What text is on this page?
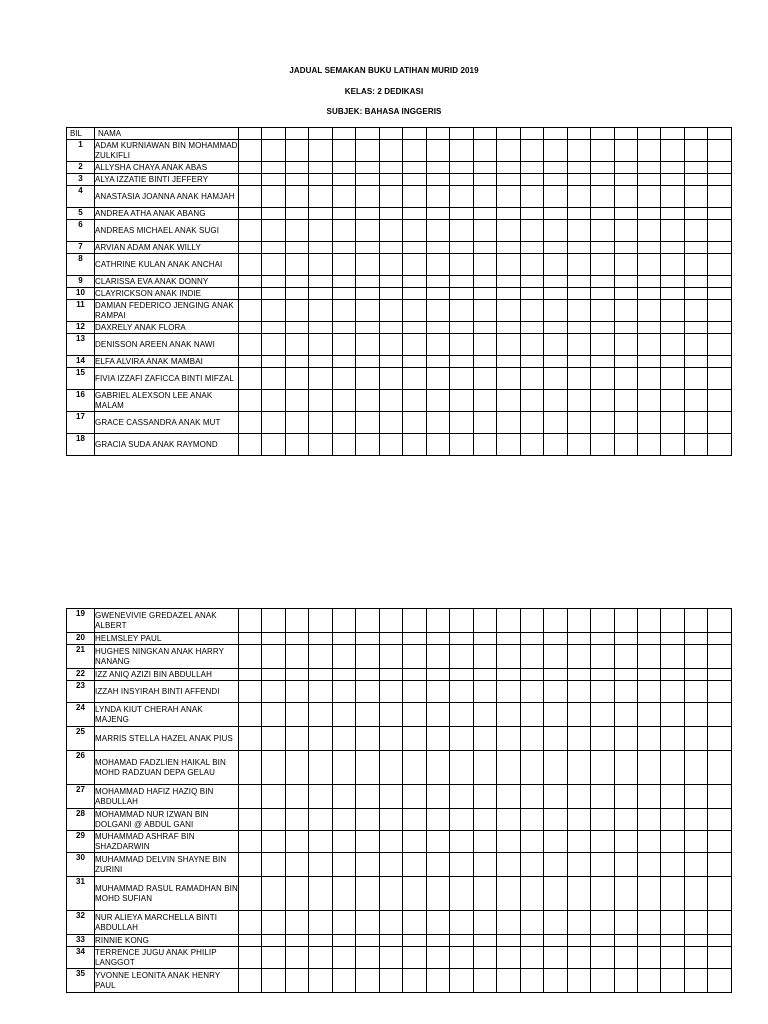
JADUAL SEMAKAN BUKU LATIHAN MURID 2019
KELAS: 2 DEDIKASI
SUBJEK: BAHASA INGGERIS
BIL	NAMA																					
1	ADAM KURNIAWAN BIN MOHAMMAD ZULKIFLI																					
2	ALLYSHA CHAYA ANAK ABAS																					
3	ALYA IZZATIE BINTI JEFFERY																					
4	ANASTASIA JOANNA ANAK HAMJAH																					
5	ANDREA ATHA ANAK ABANG																					
6	ANDREAS MICHAEL ANAK SUGI																					
7	ARVIAN ADAM ANAK WILLY																					
8	CATHRINE KULAN ANAK ANCHAI																					
9	CLARISSA EVA ANAK DONNY																					
10	CLAYRICKSON ANAK INDIE																					
11	DAMIAN FEDERICO JENGING ANAK RAMPAI																					
12	DAXRELY ANAK FLORA																					
13	DENISSON AREEN ANAK NAWI																					
14	ELFA ALVIRA ANAK MAMBAI																					
15	FIVIA IZZAFI ZAFICCA BINTI MIFZAL																					
16	GABRIEL ALEXSON LEE ANAK MALAM																					
17	GRACE CASSANDRA ANAK MUT																					
18	GRACIA SUDA ANAK RAYMOND																					
19	GWENEVIVIE GREDAZEL ANAK ALBERT																					
20	HELMSLEY PAUL																					
21	HUGHES NINGKAN ANAK HARRY NANANG																					
22	IZZ ANIQ AZIZI BIN ABDULLAH																					
23	IZZAH INSYIRAH BINTI AFFENDI																					
24	LYNDA KIUT CHERAH ANAK MAJENG																					
25	MARRIS STELLA HAZEL ANAK PIUS																					
26	MOHAMAD FADZLIEN HAIKAL BIN MOHD RADZUAN DEPA GELAU																					
27	MOHAMMAD HAFIZ HAZIQ BIN ABDULLAH																					
28	MOHAMMAD NUR IZWAN BIN DOLGANI @ ABDUL GANI																					
29	MUHAMMAD ASHRAF BIN SHAZDARWIN																					
30	MUHAMMAD DELVIN SHAYNE BIN ZURINI																					
31	MUHAMMAD RASUL RAMADHAN BIN MOHD SUFIAN																					
32	NUR ALIEYA MARCHELLA BINTI ABDULLAH																					
33	RINNIE KONG																					
34	TERRENCE JUGU ANAK PHILIP LANGGOT																					
35	YVONNE LEONITA ANAK HENRY PAUL																					
